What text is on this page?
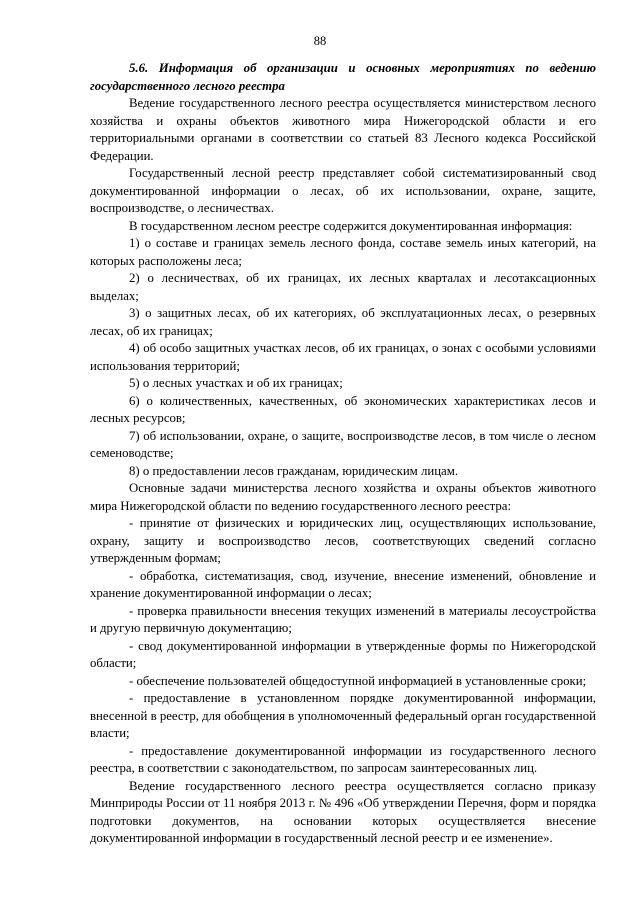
88

5.6. Информация об организации и основных мероприятиях по ведению государственного лесного реестра

Ведение государственного лесного реестра осуществляется министерством лесного хозяйства и охраны объектов животного мира Нижегородской области и его территориальными органами в соответствии со статьей 83 Лесного кодекса Российской Федерации.

Государственный лесной реестр представляет собой систематизированный свод документированной информации о лесах, об их использовании, охране, защите, воспроизводстве, о лесничествах.

В государственном лесном реестре содержится документированная информация:

1) о составе и границах земель лесного фонда, составе земель иных категорий, на которых расположены леса;

2) о лесничествах, об их границах, их лесных кварталах и лесотаксационных выделах;

3) о защитных лесах, об их категориях, об эксплуатационных лесах, о резервных лесах, об их границах;

4) об особо защитных участках лесов, об их границах, о зонах с особыми условиями использования территорий;

5) о лесных участках и об их границах;

6) о количественных, качественных, об экономических характеристиках лесов и лесных ресурсов;

7) об использовании, охране, о защите, воспроизводстве лесов, в том числе о лесном семеноводстве;

8) о предоставлении лесов гражданам, юридическим лицам.

Основные задачи министерства лесного хозяйства и охраны объектов животного мира Нижегородской области по ведению государственного лесного реестра:

- принятие от физических и юридических лиц, осуществляющих использование, охрану, защиту и воспроизводство лесов, соответствующих сведений согласно утвержденным формам;

- обработка, систематизация, свод, изучение, внесение изменений, обновление и хранение документированной информации о лесах;

- проверка правильности внесения текущих изменений в материалы лесоустройства и другую первичную документацию;

- свод документированной информации в утвержденные формы по Нижегородской области;

- обеспечение пользователей общедоступной информацией в установленные сроки;

- предоставление в установленном порядке документированной информации, внесенной в реестр, для обобщения в уполномоченный федеральный орган государственной власти;

- предоставление документированной информации из государственного лесного реестра, в соответствии с законодательством, по запросам заинтересованных лиц.

Ведение государственного лесного реестра осуществляется согласно приказу Минприроды России от 11 ноября 2013 г. № 496 «Об утверждении Перечня, форм и порядка подготовки документов, на основании которых осуществляется внесение документированной информации в государственный лесной реестр и ее изменение».
